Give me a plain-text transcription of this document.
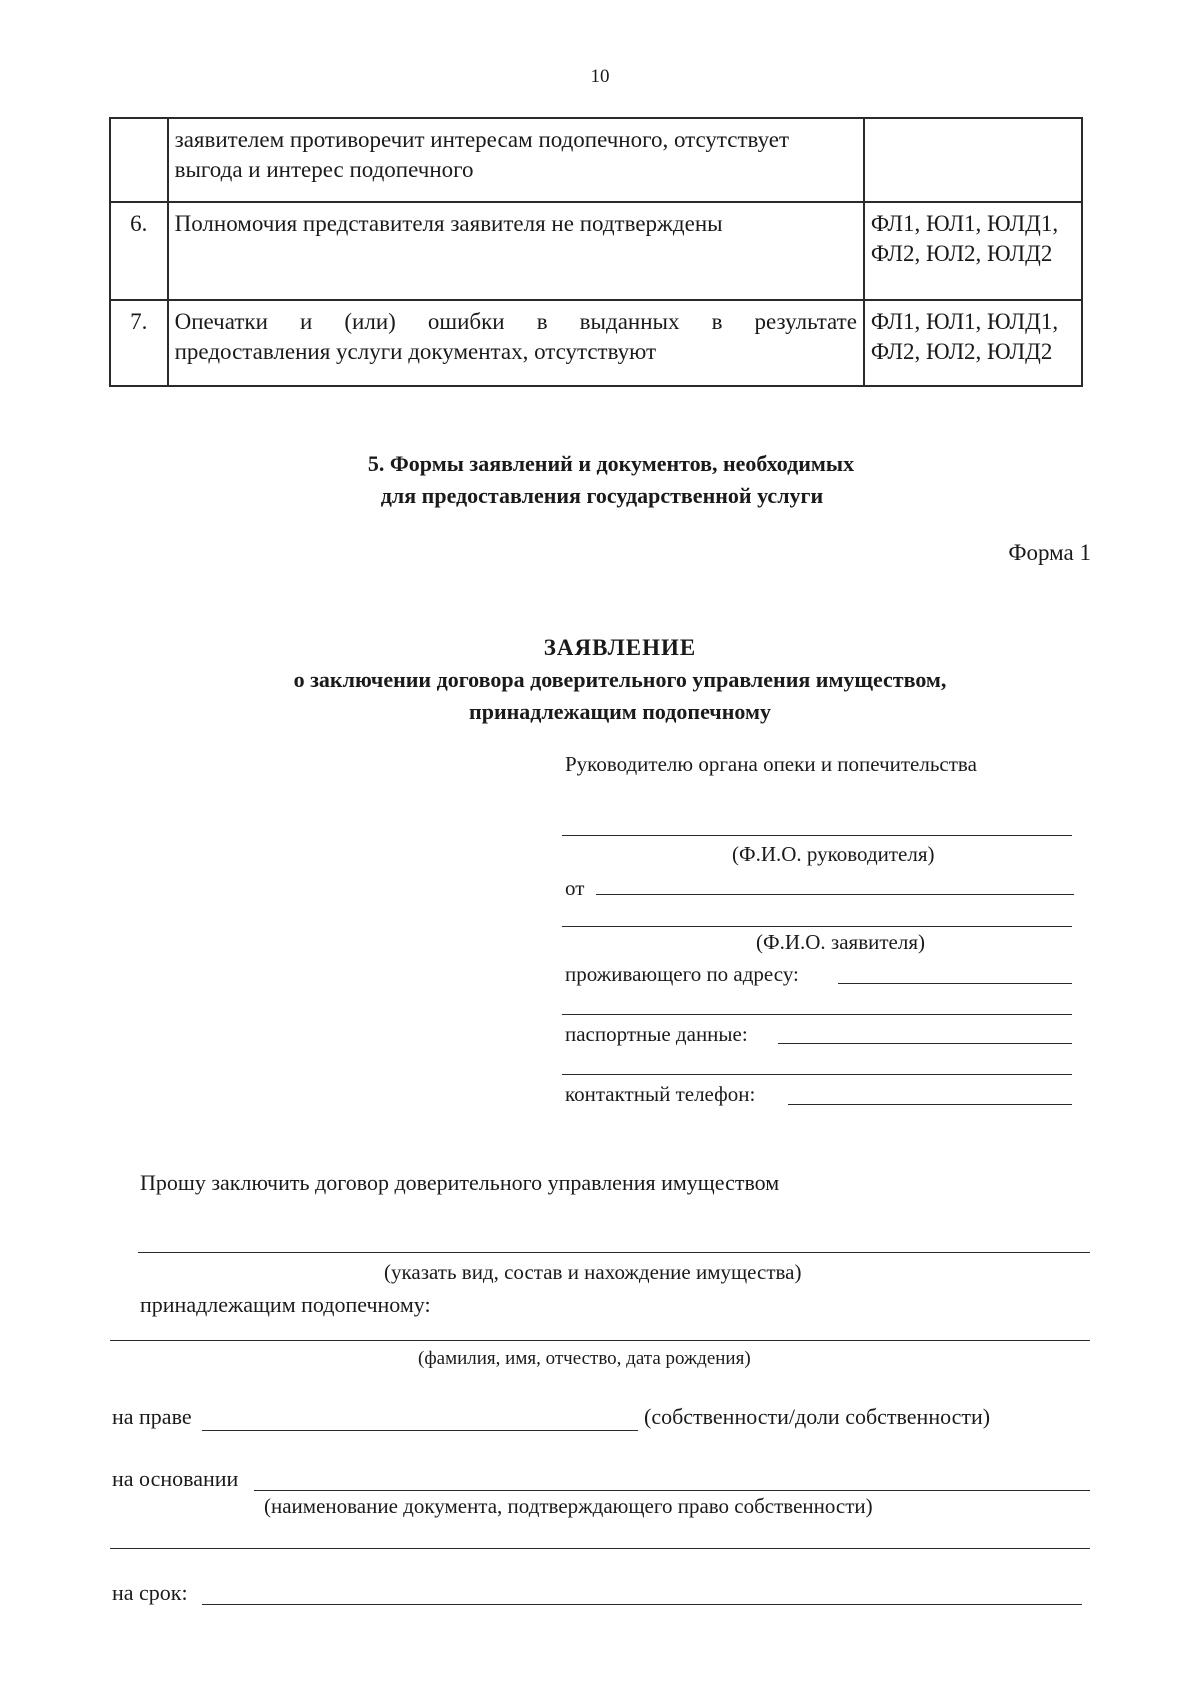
10

	заявителем противоречит интересам подопечного, отсутствует
выгода и интерес подопечного	

6.	Полномочия представителя заявителя не подтверждены	ФЛ1, ЮЛ1, ЮЛД1,
ФЛ2, ЮЛ2, ЮЛД2

7.	Опечатки и (или) ошибки в выданных в результате
предоставления услуги документах, отсутствуют	ФЛ1, ЮЛ1, ЮЛД1,
ФЛ2, ЮЛ2, ЮЛД2
5. Формы заявлений и документов, необходимых
для предоставления государственной услуги
Форма 1
ЗАЯВЛЕНИЕ
о заключении договора доверительного управления имуществом,
принадлежащим подопечному
Руководителю органа опеки и попечительства
(Ф.И.О. руководителя)
от
(Ф.И.О. заявителя)
проживающего по адресу:
паспортные данные:
контактный телефон:
Прошу заключить договор доверительного управления имуществом
(указать вид, состав и нахождение имущества)
принадлежащим подопечному:
(фамилия, имя, отчество, дата рождения)
на праве	(собственности/доли собственности)
на основании
(наименование документа, подтверждающего право собственности)
на срок:
